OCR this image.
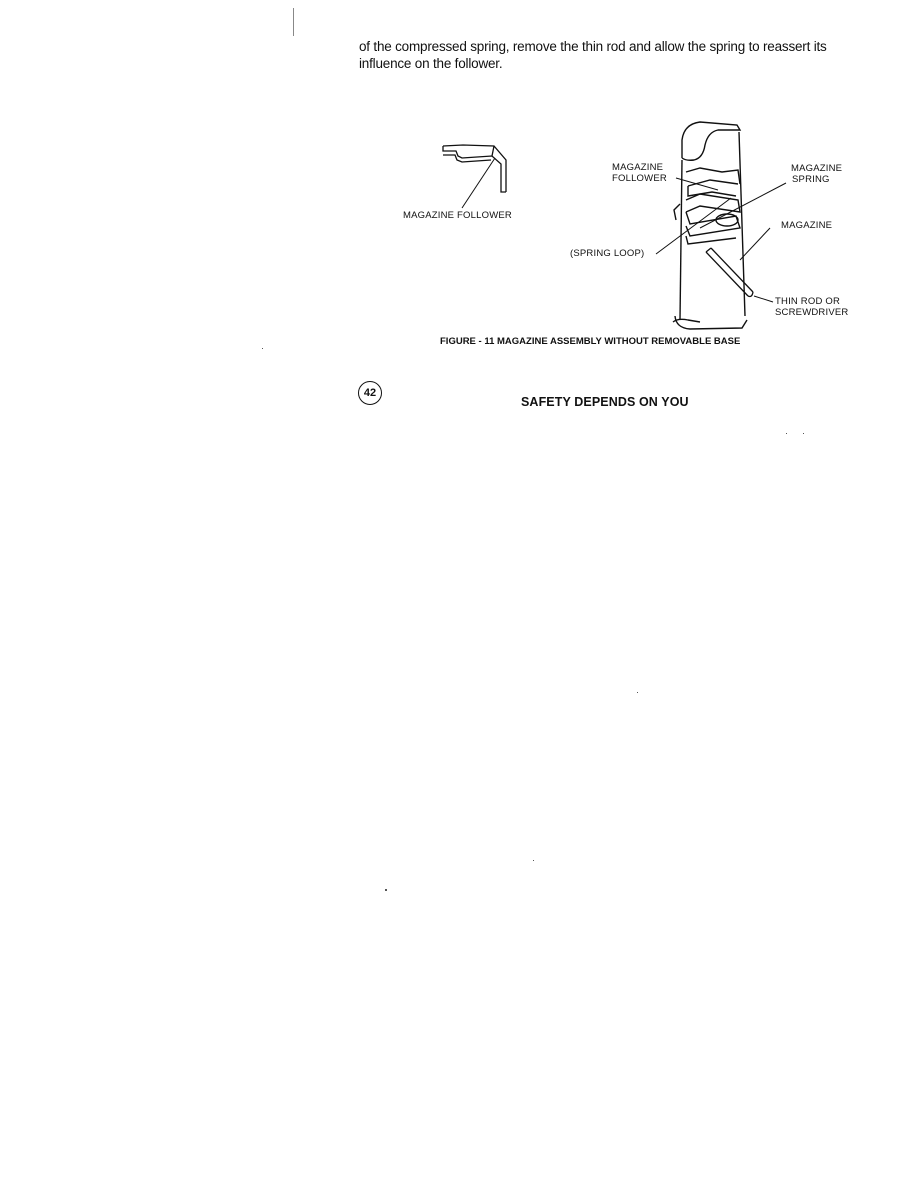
of the compressed spring, remove the thin rod and allow the spring to reassert its influence on the follower.

MAGAZINE FOLLOWER
MAGAZINE
FOLLOWER
MAGAZINE
SPRING
MAGAZINE
(SPRING LOOP)
THIN ROD OR
SCREWDRIVER
FIGURE - 11 MAGAZINE ASSEMBLY WITHOUT REMOVABLE BASE
42
SAFETY DEPENDS ON YOU
